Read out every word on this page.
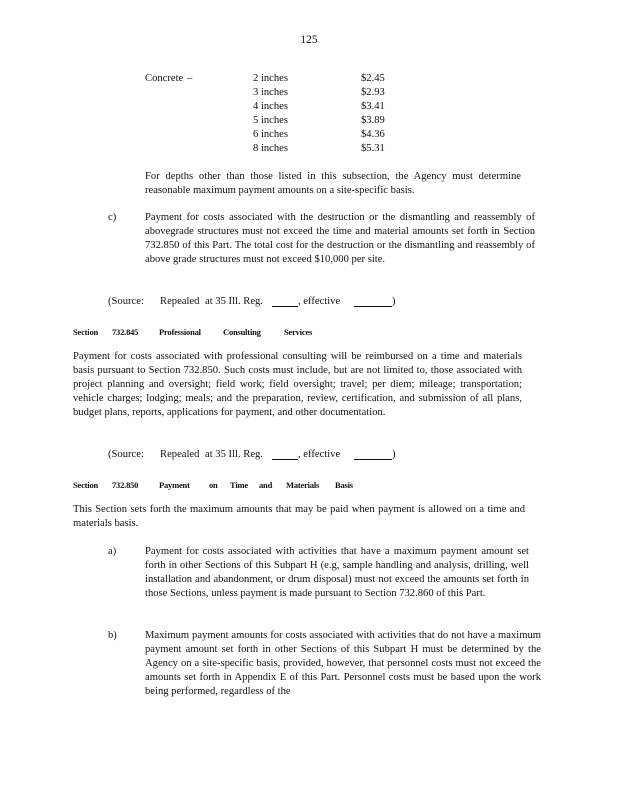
125
Concrete –	2 inches	$2.45
3 inches	$2.93
4 inches	$3.41
5 inches	$3.89
6 inches	$4.36
8 inches	$5.31

For depths other than those listed in this subsection, the Agency must determine reasonable maximum payment amounts on a site-specific basis.

c)	Payment for costs associated with the destruction or the dismantling and reassembly of abovegrade structures must not exceed the time and material amounts set forth in Section 732.850 of this Part. The total cost for the destruction or the dismantling and reassembly of above grade structures must not exceed $10,000 per site.

(Source: Repealed at 35 Ill. Reg.	, effective	)
Section 732.845 Professional	Consulting	Services

Payment for costs associated with professional consulting will be reimbursed on a time and materials basis pursuant to Section 732.850. Such costs must include, but are not limited to, those associated with project planning and oversight; field work; field oversight; travel; per diem; mileage; transportation; vehicle charges; lodging; meals; and the preparation, review, certification, and submission of all plans, budget plans, reports, applications for payment, and other documentation.

(Source: Repealed at 35 Ill. Reg.	, effective	)
Section 732.850 Payment on Time and Materials Basis

This Section sets forth the maximum amounts that may be paid when payment is allowed on a time and materials basis.

a)	Payment for costs associated with activities that have a maximum payment amount set forth in other Sections of this Subpart H (e.g, sample handling and analysis, drilling, well installation and abandonment, or drum disposal) must not exceed the amounts set forth in those Sections, unless payment is made pursuant to Section 732.860 of this Part.

b)	Maximum payment amounts for costs associated with activities that do not have a maximum payment amount set forth in other Sections of this Subpart H must be determined by the Agency on a site-specific basis, provided, however, that personnel costs must not exceed the amounts set forth in Appendix E of this Part. Personnel costs must be based upon the work being performed, regardless of the
